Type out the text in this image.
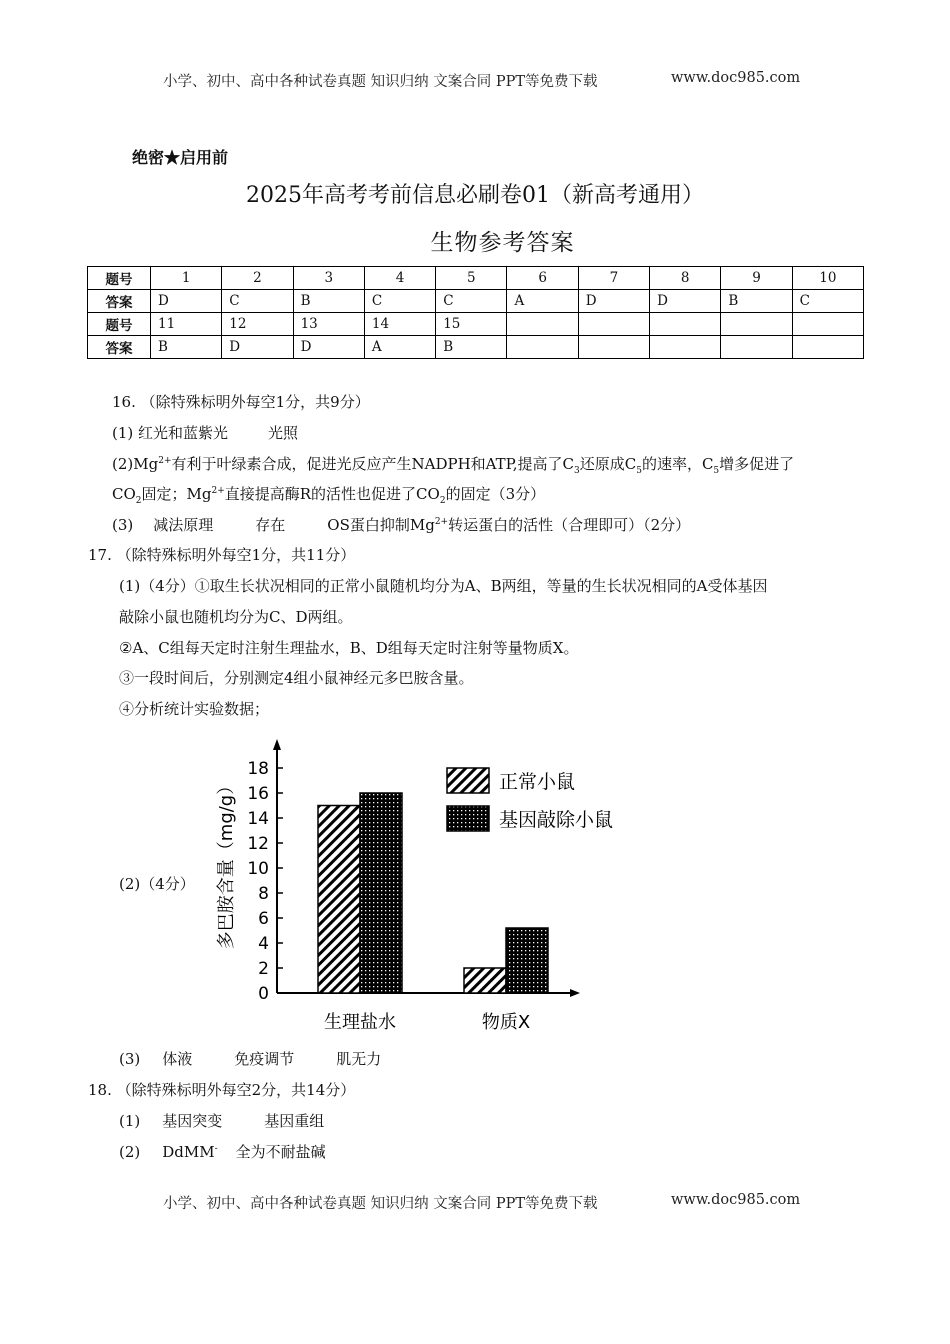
小学、初中、高中各种试卷真题 知识归纳 文案合同 PPT等免费下载	www.doc985.com
绝密★启用前
2025年高考考前信息必刷卷01（新高考通用）
生物参考答案
题号	1	2	3	4	5	6	7	8	9	10
答案	D	C	B	C	C	A	D	D	B	C
题号	11	12	13	14	15					
答案	B	D	D	A	B					
16. （除特殊标明外每空1分，共9分）
(1) 红光和蓝紫光	光照
$(2)Mg^{2+}$有利于叶绿素合成，促进光反应产生NADPH和ATP,提高了$C_3$还原成$C_5$的速率，$C_5$增多促进了
$CO_2$固定；$Mg^{2+}$直接提高酶R的活性也促进了$CO_2$的固定（3分）
(3) 减法原理	存在	OS蛋白抑制$Mg^{2+}$转运蛋白的活性（合理即可）（2分）
17. （除特殊标明外每空1分，共11分）
(1)（4分）①取生长状况相同的正常小鼠随机均分为A、B两组，等量的生长状况相同的A受体基因
敲除小鼠也随机均分为C、D两组。
②A、C组每天定时注射生理盐水，B、D组每天定时注射等量物质X。
③一段时间后，分别测定4组小鼠神经元多巴胺含量。
④分析统计实验数据；
(2)（4分）
0
2
4
6
8
10
12
14
16
18
多巴胺含量（mg/g）
生理盐水	物质X
正常小鼠
基因敲除小鼠
(3) 体液	免疫调节	肌无力
18. （除特殊标明外每空2分，共14分）
(1) 基因突变	基因重组
(2) DdMM- 全为不耐盐碱
小学、初中、高中各种试卷真题 知识归纳 文案合同 PPT等免费下载	www.doc985.com
